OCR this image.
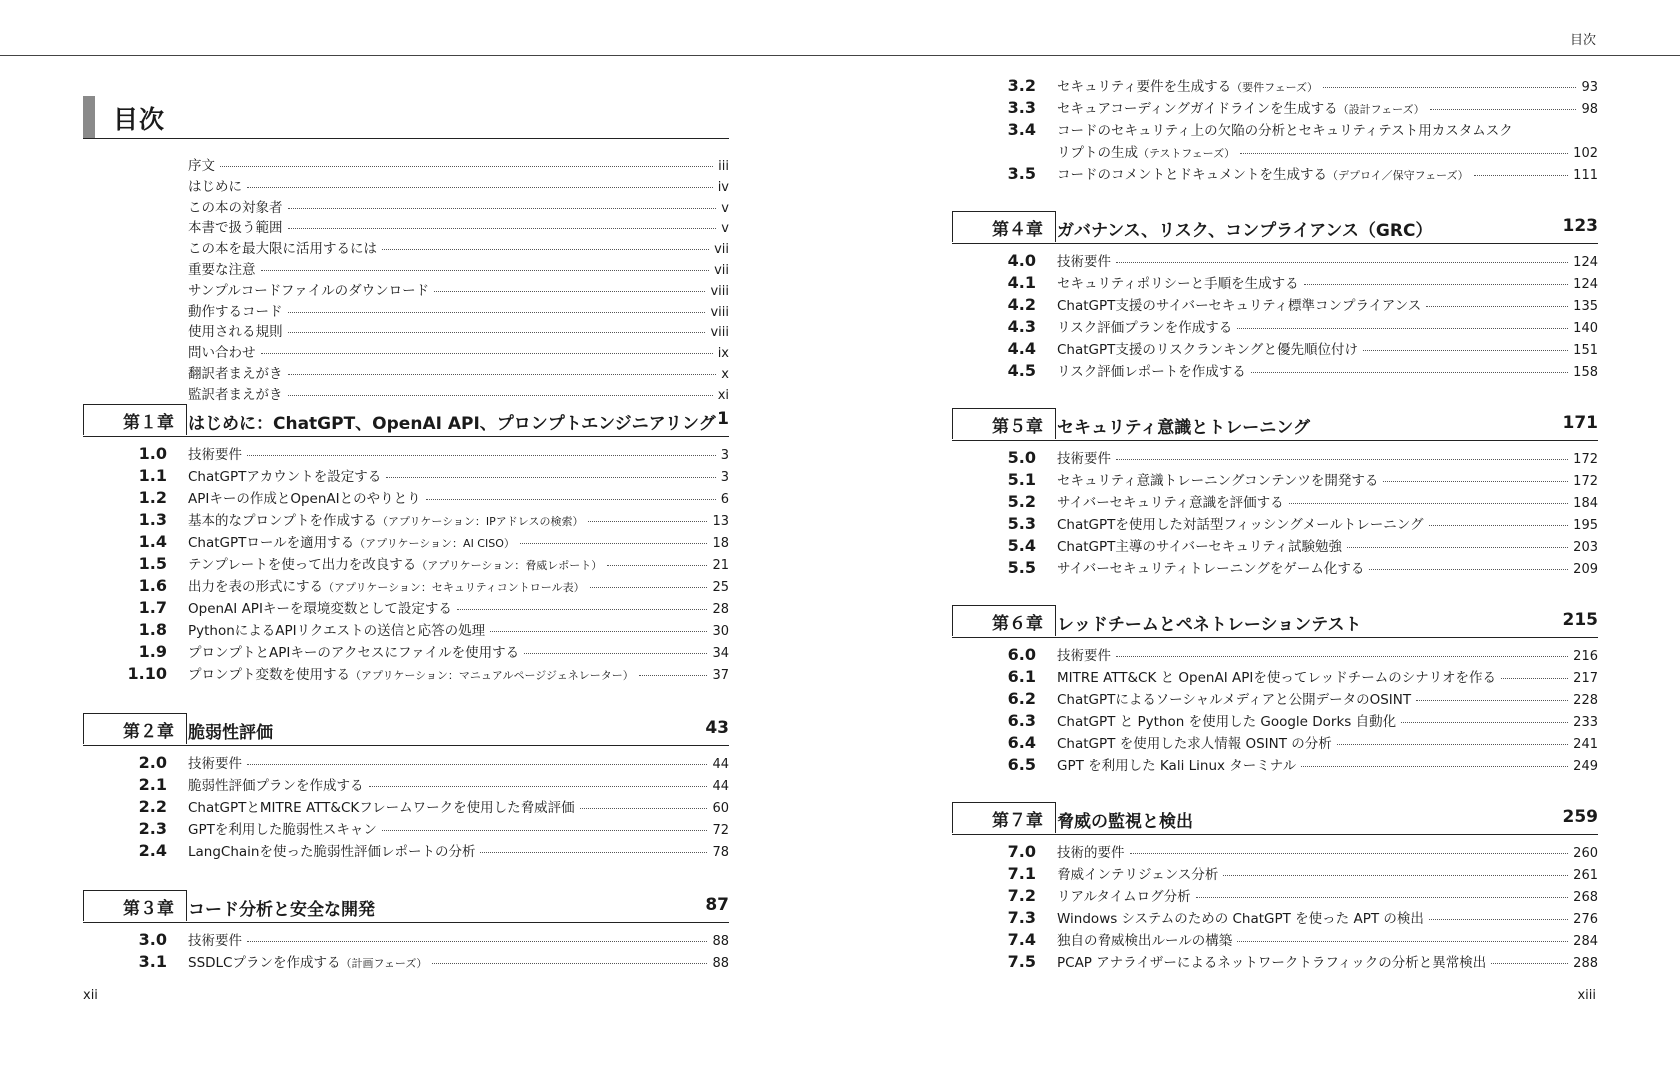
目次
目次
序文	iii
はじめに	iv
この本の対象者	v
本書で扱う範囲	v
この本を最大限に活用するには	vii
重要な注意	vii
サンプルコードファイルのダウンロード	viii
動作するコード	viii
使用される規則	viii
問い合わせ	ix
翻訳者まえがき	x
監訳者まえがき	xi
第１章 はじめに：ChatGPT、OpenAI API、プロンプトエンジニアリング 1
1.0	技術要件	3
1.1	ChatGPTアカウントを設定する	3
1.2	APIキーの作成とOpenAIとのやりとり	6
1.3	基本的なプロンプトを作成する（アプリケーション：IPアドレスの検索）	13
1.4	ChatGPTロールを適用する（アプリケーション：AI CISO）	18
1.5	テンプレートを使って出力を改良する（アプリケーション：脅威レポート）	21
1.6	出力を表の形式にする（アプリケーション：セキュリティコントロール表）	25
1.7	OpenAI APIキーを環境変数として設定する	28
1.8	PythonによるAPIリクエストの送信と応答の処理	30
1.9	プロンプトとAPIキーのアクセスにファイルを使用する	34
1.10	プロンプト変数を使用する（アプリケーション：マニュアルページジェネレーター）	37
第２章 脆弱性評価	43
2.0	技術要件	44
2.1	脆弱性評価プランを作成する	44
2.2	ChatGPTとMITRE ATT&CKフレームワークを使用した脅威評価	60
2.3	GPTを利用した脆弱性スキャン	72
2.4	LangChainを使った脆弱性評価レポートの分析	78
第３章 コード分析と安全な開発	87
3.0	技術要件	88
3.1	SSDLCプランを作成する（計画フェーズ）	88
3.2	セキュリティ要件を生成する（要件フェーズ）	93
3.3	セキュアコーディングガイドラインを生成する（設計フェーズ）	98
3.4	コードのセキュリティ上の欠陥の分析とセキュリティテスト用カスタムスク
リプトの生成（テストフェーズ）	102
3.5	コードのコメントとドキュメントを生成する（デプロイ／保守フェーズ）	111
第４章 ガバナンス、リスク、コンプライアンス（GRC）	123
4.0	技術要件	124
4.1	セキュリティポリシーと手順を生成する	124
4.2	ChatGPT支援のサイバーセキュリティ標準コンプライアンス	135
4.3	リスク評価プランを作成する	140
4.4	ChatGPT支援のリスクランキングと優先順位付け	151
4.5	リスク評価レポートを作成する	158
第５章 セキュリティ意識とトレーニング	171
5.0	技術要件	172
5.1	セキュリティ意識トレーニングコンテンツを開発する	172
5.2	サイバーセキュリティ意識を評価する	184
5.3	ChatGPTを使用した対話型フィッシングメールトレーニング	195
5.4	ChatGPT主導のサイバーセキュリティ試験勉強	203
5.5	サイバーセキュリティトレーニングをゲーム化する	209
第６章 レッドチームとペネトレーションテスト	215
6.0	技術要件	216
6.1	MITRE ATT&CK と OpenAI APIを使ってレッドチームのシナリオを作る	217
6.2	ChatGPTによるソーシャルメディアと公開データのOSINT	228
6.3	ChatGPT と Python を使用した Google Dorks 自動化	233
6.4	ChatGPT を使用した求人情報 OSINT の分析	241
6.5	GPT を利用した Kali Linux ターミナル	249
第７章 脅威の監視と検出	259
7.0	技術的要件	260
7.1	脅威インテリジェンス分析	261
7.2	リアルタイムログ分析	268
7.3	Windows システムのための ChatGPT を使った APT の検出	276
7.4	独自の脅威検出ルールの構築	284
7.5	PCAP アナライザーによるネットワークトラフィックの分析と異常検出	288
xii	xiii
